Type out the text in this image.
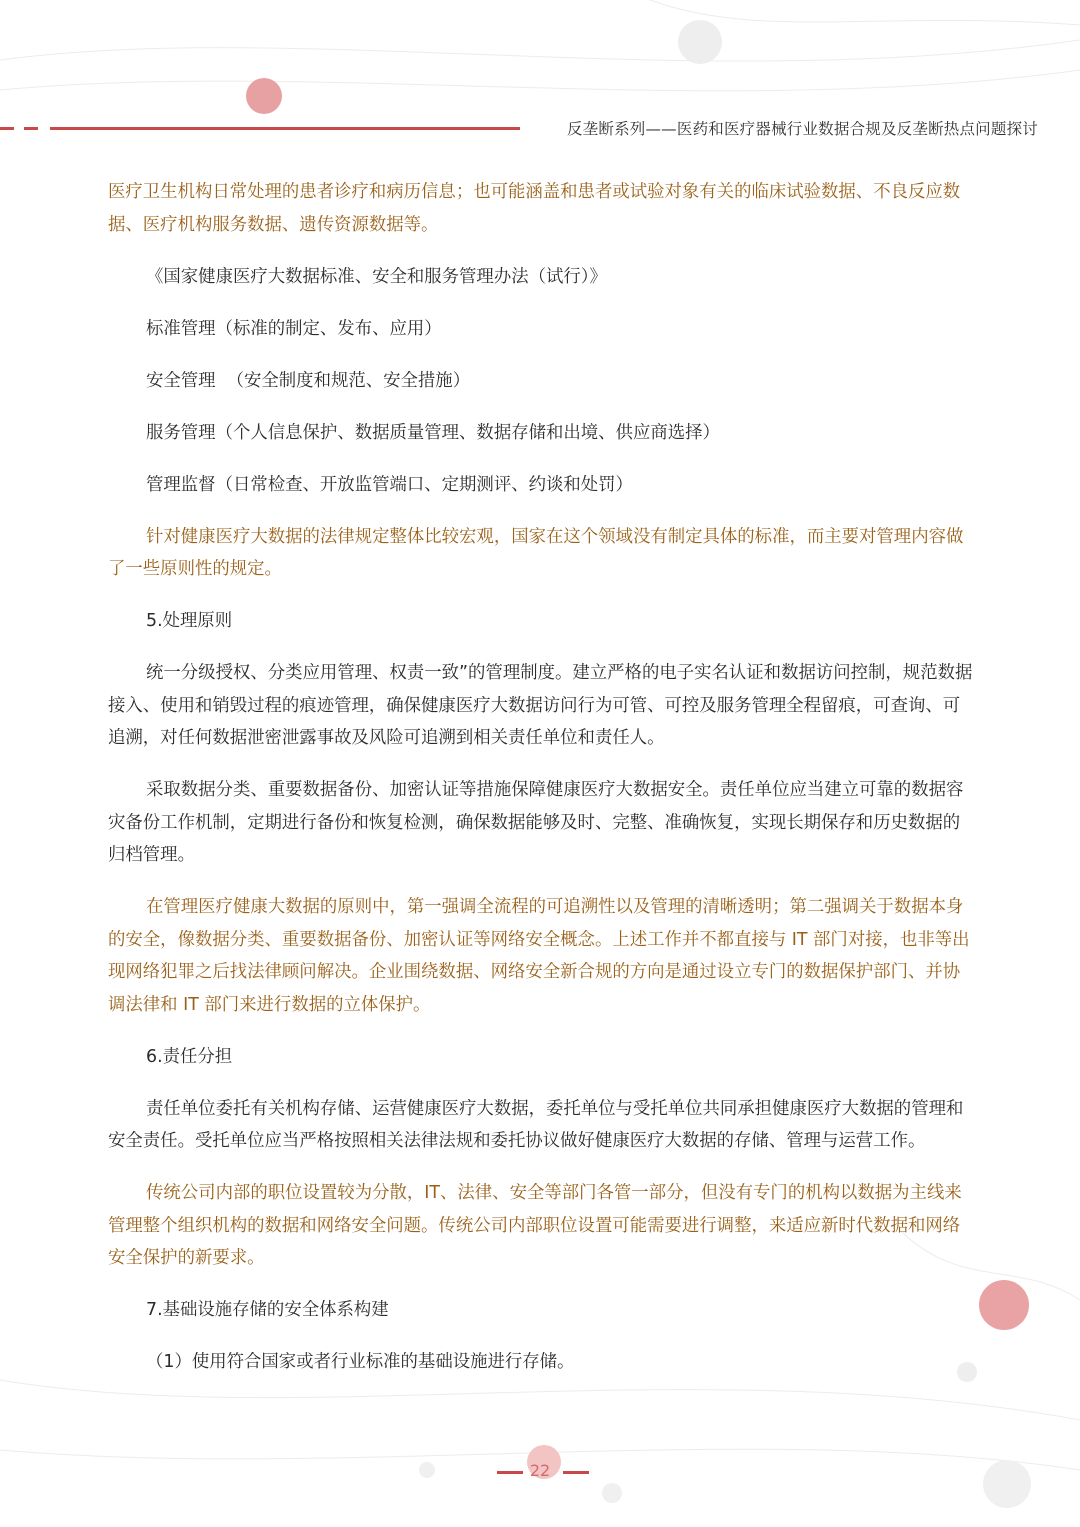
反垄断系列——医药和医疗器械行业数据合规及反垄断热点问题探讨

医疗卫生机构日常处理的患者诊疗和病历信息；也可能涵盖和患者或试验对象有关的临床试验数据、不良反应数据、医疗机构服务数据、遗传资源数据等。

《国家健康医疗大数据标准、安全和服务管理办法（试行）》

标准管理（标准的制定、发布、应用）

安全管理  （安全制度和规范、安全措施）

服务管理（个人信息保护、数据质量管理、数据存储和出境、供应商选择）

管理监督（日常检查、开放监管端口、定期测评、约谈和处罚）

针对健康医疗大数据的法律规定整体比较宏观，国家在这个领域没有制定具体的标准，而主要对管理内容做了一些原则性的规定。

5.处理原则

统一分级授权、分类应用管理、权责一致”的管理制度。建立严格的电子实名认证和数据访问控制，规范数据接入、使用和销毁过程的痕迹管理，确保健康医疗大数据访问行为可管、可控及服务管理全程留痕，可查询、可追溯，对任何数据泄密泄露事故及风险可追溯到相关责任单位和责任人。

采取数据分类、重要数据备份、加密认证等措施保障健康医疗大数据安全。责任单位应当建立可靠的数据容灾备份工作机制，定期进行备份和恢复检测，确保数据能够及时、完整、准确恢复，实现长期保存和历史数据的归档管理。

在管理医疗健康大数据的原则中，第一强调全流程的可追溯性以及管理的清晰透明；第二强调关于数据本身的安全，像数据分类、重要数据备份、加密认证等网络安全概念。上述工作并不都直接与 IT 部门对接，也非等出现网络犯罪之后找法律顾问解决。企业围绕数据、网络安全新合规的方向是通过设立专门的数据保护部门、并协调法律和 IT 部门来进行数据的立体保护。

6.责任分担

责任单位委托有关机构存储、运营健康医疗大数据，委托单位与受托单位共同承担健康医疗大数据的管理和安全责任。受托单位应当严格按照相关法律法规和委托协议做好健康医疗大数据的存储、管理与运营工作。

传统公司内部的职位设置较为分散，IT、法律、安全等部门各管一部分，但没有专门的机构以数据为主线来管理整个组织机构的数据和网络安全问题。传统公司内部职位设置可能需要进行调整，来适应新时代数据和网络安全保护的新要求。

7.基础设施存储的安全体系构建

（1）使用符合国家或者行业标准的基础设施进行存储。

22
